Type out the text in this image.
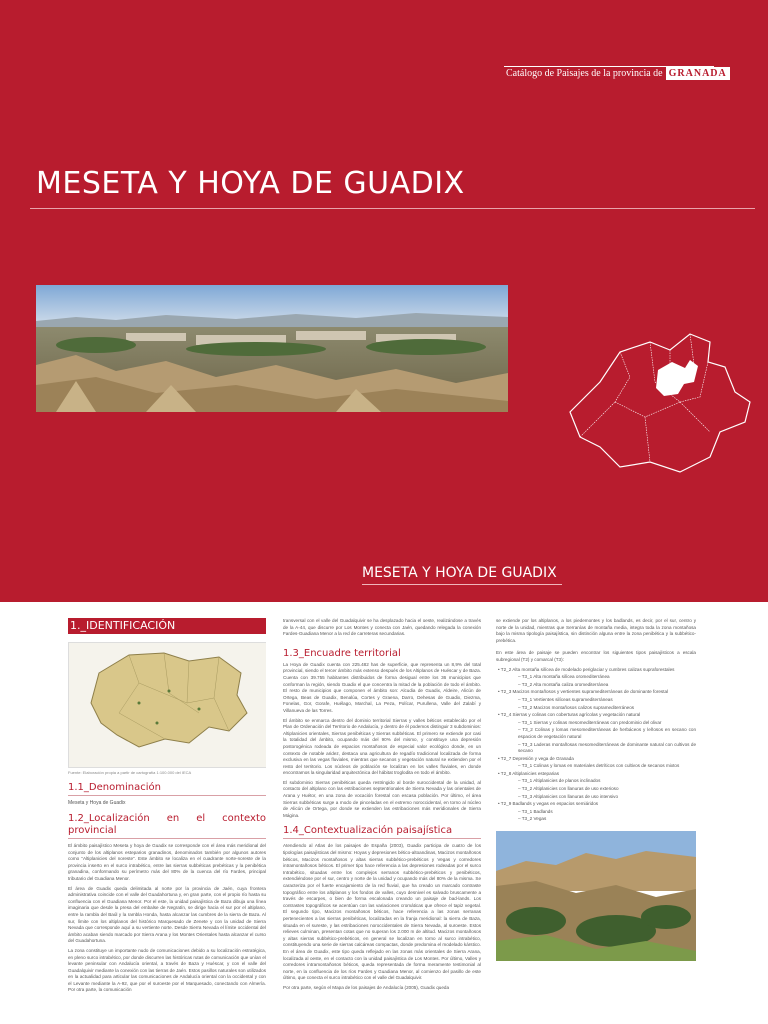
Catálogo de Paisajes de la provincia de GRANADA
MESETA Y HOYA DE GUADIX
MESETA Y HOYA DE GUADIX
1._IDENTIFICACIÓN
Fuente: Elaboración propia a partir de cartografía 1:100.000 del IECA
1.1_Denominación

Meseta y Hoya de Guadix

1.2_Localización en el contexto provincial

El ámbito paisajístico Meseta y hoya de Guadix se corresponde con el área más meridional del conjunto de los altiplanos esteparios granadinos, denominados también por algunos autores como “Altiplanicies del noreste”. Este ámbito se localiza en el cuadrante norte-noreste de la provincia inserto en el surco intrabético, entre las sierras subbéticas prebéticas y la penibética granadina, conformando su perímetro más del 80% de la cuenca del río Fardes, principal tributario del Guadiana Menor.

El área de Guadix queda delimitada al norte por la provincia de Jaén, cuya frontera administrativa coincide con el valle del Guadahortuna y, en gran parte, con el propio río hasta su confluencia con el Guadiana Menor. Por el este, la unidad paisajística de Baza dibuja una línea imaginaria que desde la presa del embalse de Negratín, se dirige hacia el sur por el altiplano, entre la rambla del Baúl y la rambla Honda, hasta alcanzar las cumbres de la sierra de Baza. Al sur, límite con los altiplanos del histórico Marquesado de Zenete y con la unidad de Sierra Nevada que corresponde aquí a su vertiente norte. Desde Sierra Nevada el límite occidental del ámbito acaban siendo marcado por Sierra Arana y los Montes Orientales hasta alcanzar el curso del Guadahortuna.

La zona constituye un importante nudo de comunicaciones debido a su localización estratégica, en pleno surco intrabético, por donde discurren las históricas rutas de comunicación que unían el levante peninsular con Andalucía oriental, a través de Baza y Huéscar, y con el valle del Guadalquivir mediante la conexión con las tierras de Jaén. Estos pasillos naturales son utilizados en la actualidad para articular las comunicaciones de Andalucía oriental con la occidental y con el Levante mediante la A-92, que por el suroeste por el Marquesado, conectando con Almería. Por otra parte, la comunicación

transversal con el valle del Guadalquivir se ha desplazado hacia el oeste, realizándose a través de la A-44, que discurre por Los Montes y conecta con Jaén, quedando relegada la conexión Fardes-Guadiana Menor a la red de carreteras secundarias.

1.3_Encuadre territorial

La Hoya de Guadix cuenta con 225.482 has de superficie, que representa un 8,9% del total provincial, siendo el tercer ámbito más extenso después de los Altiplanos de Huéscar y de Baza. Cuenta con 39.755 habitantes distribuidos de forma desigual entre los 36 municipios que conforman la región, siendo Guadix el que concentra la mitad de la población de todo el ámbito. El resto de municipios que componen el ámbito son: Alcudia de Guadix, Aldeire, Alicún de Ortega, Beas de Guadix, Benalúa, Cortes y Graena, Darro, Dehesas de Guadix, Diezma, Fonelas, Gor, Gorafe, Huélago, Marchal, La Peza, Polícar, Purullena, Valle del Zalabí y Villanueva de las Torres.

El ámbito se enmarca dentro del dominio territorial Sierras y valles béticos establecido por el Plan de Ordenación del Territorio de Andalucía, y dentro de él podemos distinguir 3 subdominios: Altiplanicies orientales, Sierras penibéticas y Sierras subbéticas. El primero se extiende por casi la totalidad del ámbito, ocupando más del 90% del mismo, y constituye una depresión postorogénica rodeada de espacios montañosos de especial valor ecológico donde, en un contexto de notable aridez, destaca una agricultura de regadío tradicional localizada de forma exclusiva en las vegas fluviales, mientras que secanos y vegetación natural se extienden por el resto del territorio. Los núcleos de población se localizan en los valles fluviales, en donde encontramos la singularidad arquitectónica del hábitat troglodita en todo el ámbito.

El subdominio Sierras penibéticas queda restringido al borde suroccidental de la unidad, al contacto del altiplano con las estribaciones septentrionales de Sierra Nevada y las orientales de Arana y Huétor, en una zona de vocación forestal con escasa población. Por último, el área Sierras subbéticas surge a modo de pinceladas en el extremo noroccidental, en torno al núcleo de Alicún de Ortega, por donde se extienden las estribaciones más meridionales de Sierra Mágina.

1.4_Contextualización paisajística

Atendiendo al Atlas de los paisajes de España (2003), Guadix participa de cuatro de los tipologías paisajísticas del mismo: Hoyas y depresiones bético-altoandinas, Macizos montañosos béticos, Macizos montañosos y altas sierras subbético-prebéticos y Vegas y corredores intramontañosos béticos. El primer tipo hace referencia a las depresiones rodeadas por el surco Intrabético, situadas entre los complejos serranos subbético-prebéticos y penibéticos, extendiéndose por el sur, centro y norte de la unidad y ocupando más del 80% de la misma. Se caracteriza por el fuerte encajamiento de la red fluvial, que ha creado un marcado contraste topográfico entre los altiplanos y los fondos de valles, cuyo desnivel es salvado bruscamente a través de escarpes, o bien de forma escalonada creando un paisaje de bad-lands. Los contrastes topográficos se acentúan con las variaciones cromáticas que ofrece el tapiz vegetal. El segundo tipo, Macizos montañosos béticos, hace referencia a las zonas serranas pertenecientes a las sierras penibéticas, localizadas en la franja meridional: la sierra de Baza, situada en el sureste, y las estribaciones noroccidentales de Sierra Nevada, al suroeste. Estos relieves culminan, presentan cotas que no superan los 2.000 m de altitud. Macizos montañosos y altas sierras subbético-prebéticos, en general se localizan en torno al surco intrabético, constituyendo una serie de sierras calcáreas compactas, donde predomina el modelado kárstico. En el área de Guadix, este tipo queda reflejado en las zonas más orientales de Sierra Arana, localizada al oeste, en el contacto con la unidad paisajística de Los Montes. Por último, Valles y corredores intramontañosos béticos, queda representada de forma meramente testimonial al norte, en la confluencia de los ríos Fardes y Guadiana Menor, al comienzo del pasillo de este último, que conecta el surco intrabético con el valle del Guadalquivir.

Por otra parte, según el Mapa de los paisajes de Andalucía (2005), Guadix queda

se extiende por los altiplanos, a los piedemontes y los badlands, es decir, por el sur, centro y norte de la unidad, mientras que Serranías de montaña media, integra toda la zona montañosa bajo la misma tipología paisajística, sin distinción alguna entre la zona penibética y la subbético-prebética.

En este área de paisaje se pueden encontrar los siguientes tipos paisajísticos a escala subregional (T2) y comarcal (T3):

• T2_2 Alta montaña silícea de modelado periglaciar y cumbres calizas supraforestales
– T3_1 Alta montaña silícea oromediterránea
– T3_2 Alta montaña caliza oromediterránea
• T2_3 Macizos montañosos y vertientes supramediterráneas de dominante forestal
– T3_1 Vertientes silíceas supramediterráneas
– T3_2 Macizos montañosos calizos supramediterráneos
• T2_4 Sierras y colinas con coberturas agrícolas y vegetación natural
– T3_1 Sierras y colinas mesomediterráneas con predominio del olivar
– T3_2 Colinas y lomas mesomediterráneas de herbáceos y leñosos en secano con espacios de vegetación natural
– T3_3 Laderas montañosas mesomediterráneas de dominante natural con cultivos de secano
• T2_7 Depresión y vega de Granada
– T3_1 Colinas y lomas en materiales detríticos con cultivos de secanos mixtos
• T2_8 Altiplanicies esteparias
– T3_1 Altiplanicies de planos inclinados
– T3_2 Altiplanicies con llanuras de uso exterioso
– T3_3 Altiplanicies con llanuras de uso intensivo
• T2_9 Badlands y vegas en espacios semiáridos
– T3_1 Badlands
– T3_2 Vegas
